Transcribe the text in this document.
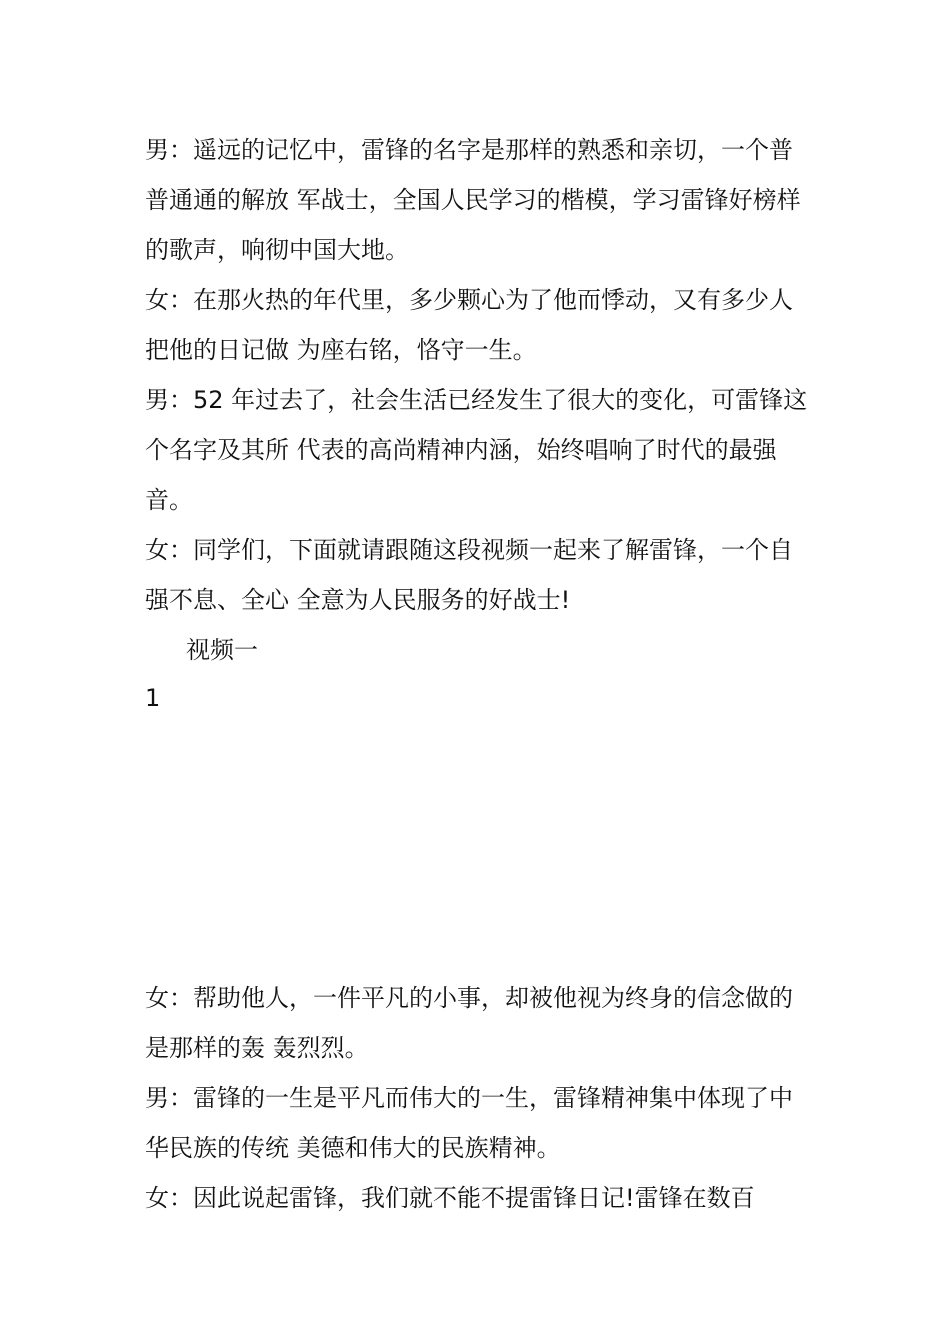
男：遥远的记忆中，雷锋的名字是那样的熟悉和亲切，一个普普通通的解放 军战士，全国人民学习的楷模，学习雷锋好榜样的歌声，响彻中国大地。

女：在那火热的年代里，多少颗心为了他而悸动，又有多少人把他的日记做 为座右铭，恪守一生。

男：52 年过去了，社会生活已经发生了很大的变化，可雷锋这个名字及其所 代表的高尚精神内涵，始终唱响了时代的最强音。

女：同学们，下面就请跟随这段视频一起来了解雷锋，一个自强不息、全心 全意为人民服务的好战士!

视频一

1

女：帮助他人，一件平凡的小事，却被他视为终身的信念做的是那样的轰 轰烈烈。

男：雷锋的一生是平凡而伟大的一生，雷锋精神集中体现了中华民族的传统 美德和伟大的民族精神。

女：因此说起雷锋，我们就不能不提雷锋日记!雷锋在数百
